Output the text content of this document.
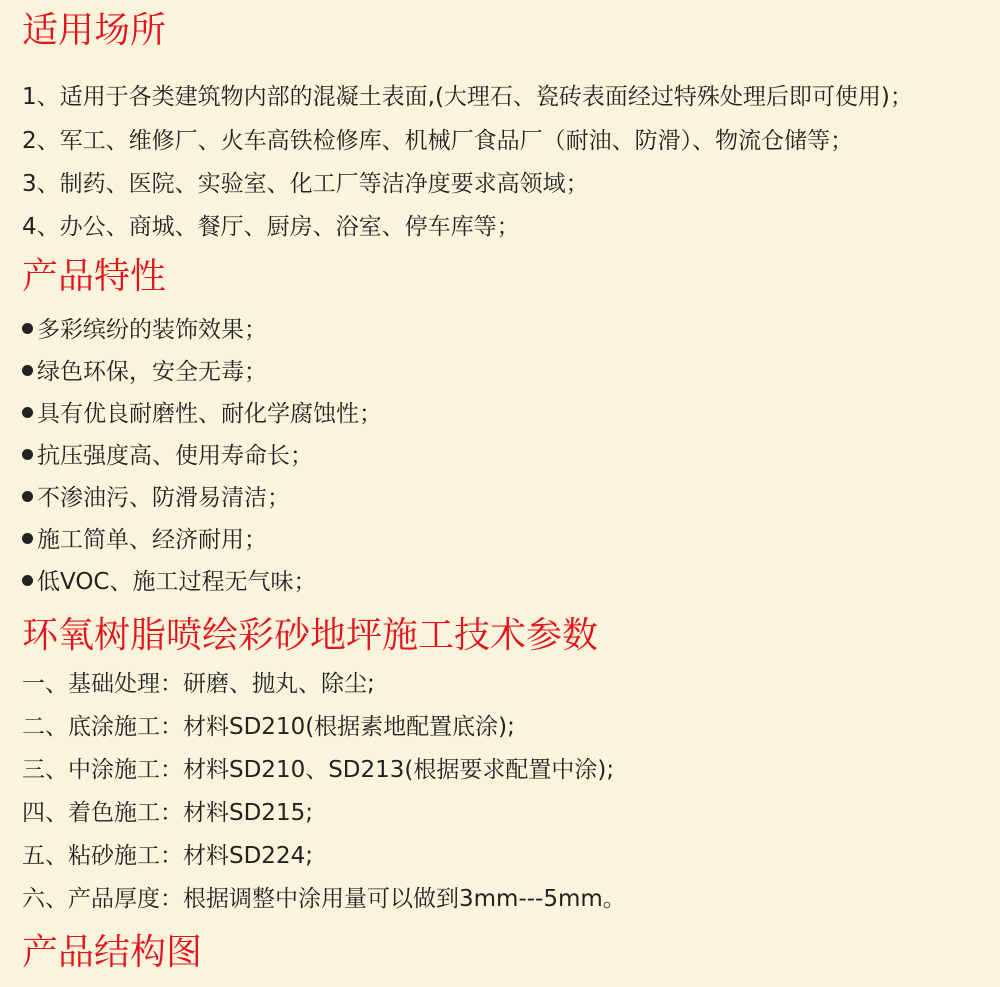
适用场所

1、适用于各类建筑物内部的混凝土表面,(大理石、瓷砖表面经过特殊处理后即可使用)；

2、军工、维修厂、火车高铁检修库、机械厂食品厂（耐油、防滑）、物流仓储等；

3、制药、医院、实验室、化工厂等洁净度要求高领域；

4、办公、商城、餐厅、厨房、浴室、停车库等；

产品特性

多彩缤纷的装饰效果；

绿色环保，安全无毒；

具有优良耐磨性、耐化学腐蚀性；

抗压强度高、使用寿命长；

不渗油污、防滑易清洁；

施工简单、经济耐用；

低VOC、施工过程无气味；

环氧树脂喷绘彩砂地坪施工技术参数

一、基础处理：研磨、抛丸、除尘;

二、底涂施工：材料SD210(根据素地配置底涂);

三、中涂施工：材料SD210、SD213(根据要求配置中涂);

四、着色施工：材料SD215;

五、粘砂施工：材料SD224;

六、产品厚度：根据调整中涂用量可以做到3mm---5mm。

产品结构图
